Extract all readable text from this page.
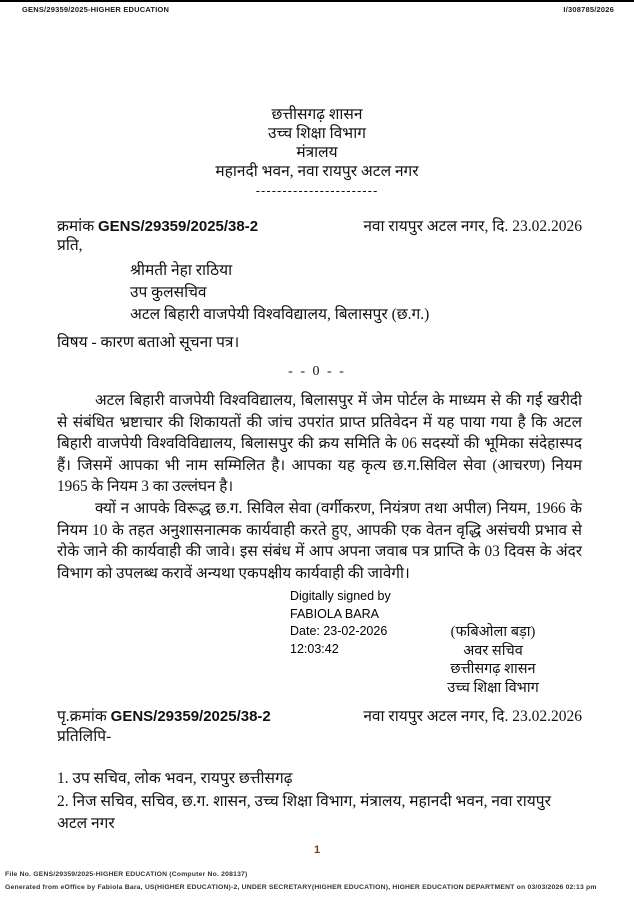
GENS/29359/2025-HIGHER EDUCATION	I/308785/2026
छत्तीसगढ़ शासन
उच्च शिक्षा विभाग
मंत्रालय
महानदी भवन, नवा रायपुर अटल नगर
-----------------------
क्रमांक GENS/29359/2025/38-2	नवा रायपुर अटल नगर, दि. 23.02.2026
प्रति,
श्रीमती नेहा राठिया
उप कुलसचिव
अटल बिहारी वाजपेयी विश्वविद्यालय, बिलासपुर (छ.ग.)
विषय - कारण बताओ सूचना पत्र।
- - 0 - -
अटल बिहारी वाजपेयी विश्वविद्यालय, बिलासपुर में जेम पोर्टल के माध्यम से की गई खरीदी से संबंधित भ्रष्टाचार की शिकायतों की जांच उपरांत प्राप्त प्रतिवेदन में यह पाया गया है कि अटल बिहारी वाजपेयी विश्वविविद्यालय, बिलासपुर की क्रय समिति के 06 सदस्यों की भूमिका संदेहास्पद हैं। जिसमें आपका भी नाम सम्मिलित है। आपका यह कृत्य छ.ग.सिविल सेवा (आचरण) नियम 1965 के नियम 3 का उल्लंघन है।
क्यों न आपके विरूद्ध छ.ग. सिविल सेवा (वर्गीकरण, नियंत्रण तथा अपील) नियम, 1966 के नियम 10 के तहत अनुशासनात्मक कार्यवाही करते हुए, आपकी एक वेतन वृद्धि असंचयी प्रभाव से रोके जाने की कार्यवाही की जावे। इस संबंध में आप अपना जवाब पत्र प्राप्ति के 03 दिवस के अंदर विभाग को उपलब्ध करावें अन्यथा एकपक्षीय कार्यवाही की जावेगी।
Digitally signed by
FABIOLA BARA
Date: 23-02-2026
12:03:42
(फबिओला बड़ा)
अवर सचिव
छत्तीसगढ़ शासन
उच्च शिक्षा विभाग
पृ.क्रमांक GENS/29359/2025/38-2	नवा रायपुर अटल नगर, दि. 23.02.2026
प्रतिलिपि-
1. उप सचिव, लोक भवन, रायपुर छत्तीसगढ़
2. निज सचिव, सचिव, छ.ग. शासन, उच्च शिक्षा विभाग, मंत्रालय, महानदी भवन, नवा रायपुर अटल नगर
1
File No. GENS/29359/2025-HIGHER EDUCATION (Computer No. 208137)
Generated from eOffice by Fabiola Bara, US(HIGHER EDUCATION)-2, UNDER SECRETARY(HIGHER EDUCATION), HIGHER EDUCATION DEPARTMENT on 03/03/2026 02:13 pm
